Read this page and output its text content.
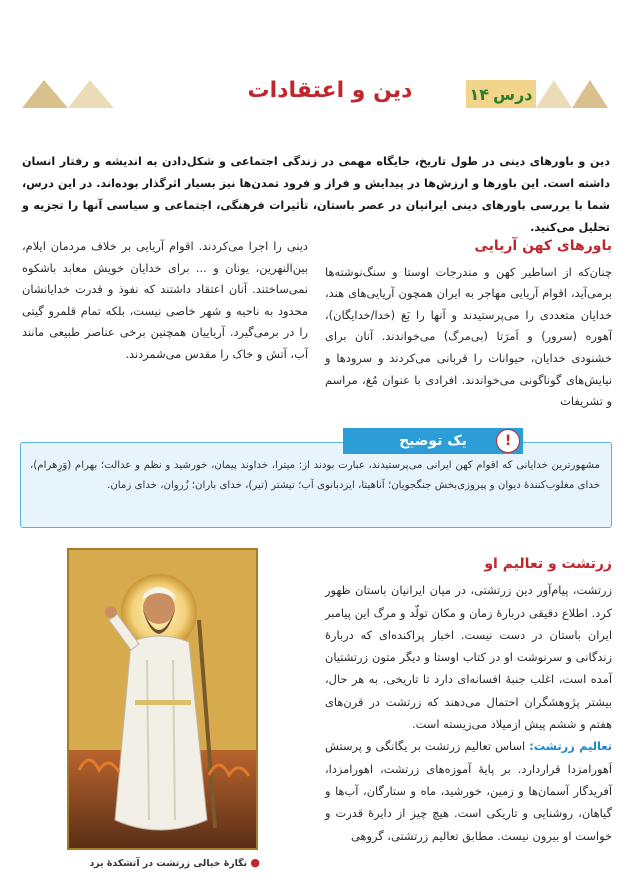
دین و اعتقادات	درس
۱۴
دین و باورهای دینی در طول تاریخ، جایگاه مهمی در زندگی اجتماعی و شکل‌دادن به اندیشه و رفتار انسان داشته است. این باورها و ارزش‌ها در پیدایش و فراز و فرود تمدن‌ها نیز بسیار اثرگذار بوده‌اند. در این درس، شما با بررسی باورهای دینی ایرانیان در عصر باستان، تأثیرات فرهنگی، اجتماعی و سیاسی آنها را تجزیه و تحلیل می‌کنید.
باورهای کهن آریایی
چنان‌که از اساطیر کهن و مندرجات اوستا و سنگ‌نوشته‌ها برمی‌آید، اقوام آریایی مهاجر به ایران همچون آریایی‌های هند، خدایان متعددی را می‌پرستیدند و آنها را بَغ (خدا/خدایگان)، آهوره (سرور) و اَمرَتا (بی‌مرگ) می‌خواندند. آنان برای خشنودی خدایان، حیوانات را قربانی می‌کردند و سرودها و نیایش‌های گوناگونی می‌خواندند. افرادی با عنوان مُغ، مراسم و تشریفات
دینی را اجرا می‌کردند. اقوام آریایی بر خلاف مردمان ایلام، بین‌النهرین، یونان و ... برای خدایان خویش معابد باشکوه نمی‌ساختند. آنان اعتقاد داشتند که نفوذ و قدرت خدایانشان محدود به ناحیه و شهر خاصی نیست، بلکه تمام قلمرو گیتی را در برمی‌گیرد. آریاییان همچنین برخی عناصر طبیعی مانند آب، آتش و خاک را مقدس می‌شمردند.
یک توضیح	!
مشهورترین خدایانی که اقوام کهن ایرانی می‌پرستیدند، عبارت بودند از: میترا، خداوند پیمان، خورشید و نظم و عدالت؛ بهرام (وَرِهرام)، خدای مغلوب‌کنندهٔ دیوان و پیروزی‌بخش جنگجویان؛ آناهیتا، ایزدبانوی آب؛ تیشتر (تیر)، خدای باران؛ زُروان، خدای زمان.
● نگارهٔ خیالی زرتشت در آتشکدهٔ یزد
زرتشت و تعالیم او
زرتشت، پیام‌آور دین زرتشتی، در میان ایرانیان باستان ظهور کرد. اطلاع دقیقی دربارهٔ زمان و مکان تولّد و مرگ این پیامبر ایران باستان در دست نیست. اخبار پراکنده‌ای که دربارهٔ زندگانی و سرنوشت او در کتاب اوستا و دیگر متون زرتشتیان آمده است، اغلب جنبهٔ افسانه‌ای دارد تا تاریخی. به هر حال، بیشتر پژوهشگران احتمال می‌دهند که زرتشت در قرن‌های هفتم و ششم پیش ازمیلاد می‌زیسته است.
تعالیم زرتشت: اساس تعالیم زرتشت بر یگانگی و پرستش اَهورامزدا قراردارد. بر پایهٔ آموزه‌های زرتشت، اهورامزدا، آفریدگار آسمان‌ها و زمین، خورشید، ماه و ستارگان، آب‌ها و گیاهان، روشنایی و تاریکی است. هیچ چیز از دایرهٔ قدرت و خواست او بیرون نیست. مطابق تعالیم زرتشتی، گروهی
